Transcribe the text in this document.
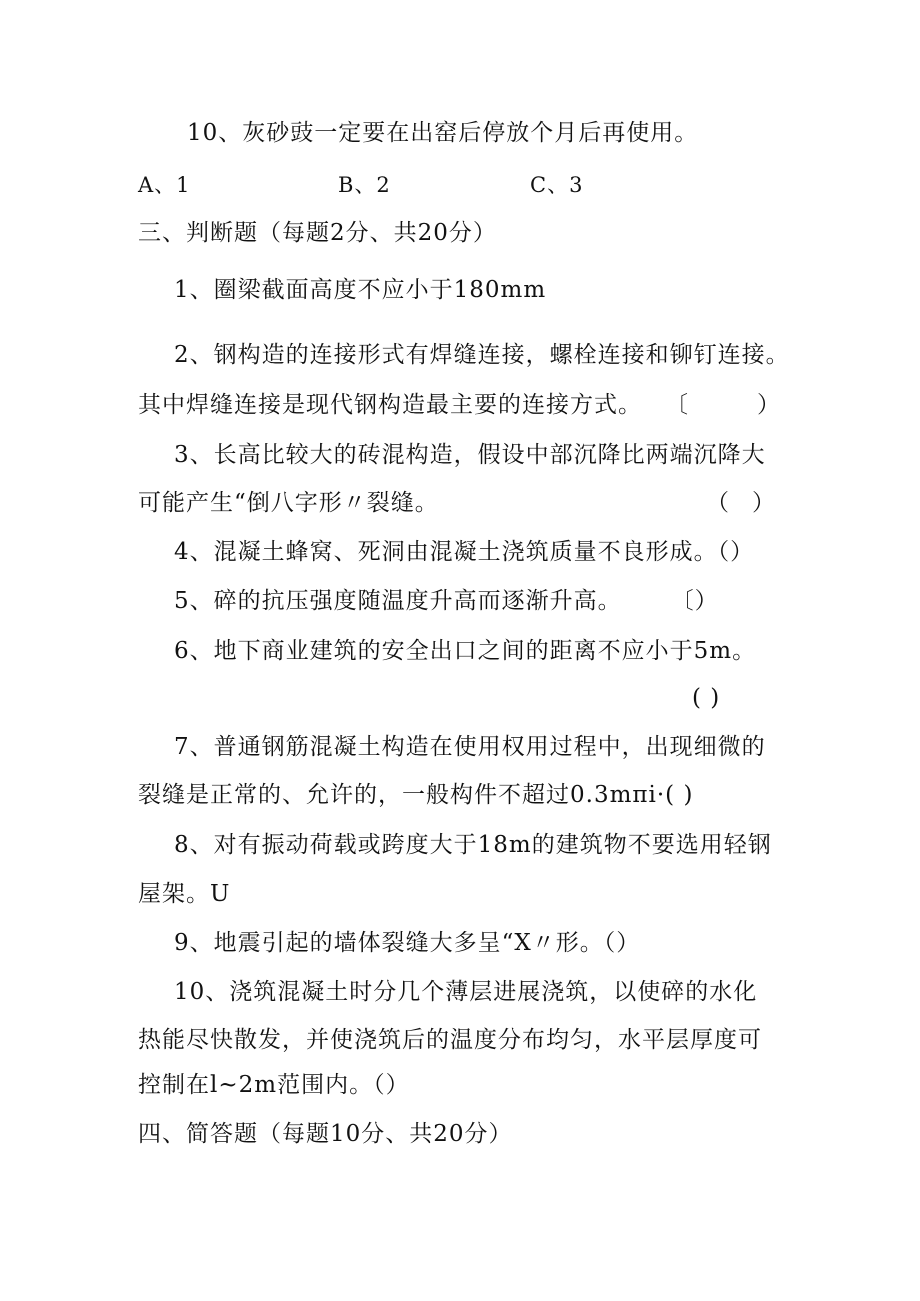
10、灰砂豉一定要在出窑后停放个月后再使用。
A、1	B、2	C、3
三、判断题（每题2分、共20分）
1、圈梁截面高度不应小于180mm
2、钢构造的连接形式有焊缝连接，螺栓连接和铆钉连接。
其中焊缝连接是现代钢构造最主要的连接方式。 〔　　　）
3、长高比较大的砖混构造，假设中部沉降比两端沉降大
可能产生“倒八字形〃裂缝。	（　）
4、混凝土蜂窝、死洞由混凝土浇筑质量不良形成。（）
5、碎的抗压强度随温度升高而逐渐升高。　　　〔）
6、地下商业建筑的安全出口之间的距离不应小于5m。
( )
7、普通钢筋混凝土构造在使用权用过程中，出现细微的
裂缝是正常的、允许的，一般构件不超过0.3mπi·( )
8、对有振动荷载或跨度大于18m的建筑物不要选用轻钢
屋架。U
9、地震引起的墙体裂缝大多呈“X〃形。（）
10、浇筑混凝土时分几个薄层进展浇筑，以使碎的水化
热能尽快散发，并使浇筑后的温度分布均匀，水平层厚度可
控制在l~2m范围内。（）
四、简答题（每题10分、共20分）
